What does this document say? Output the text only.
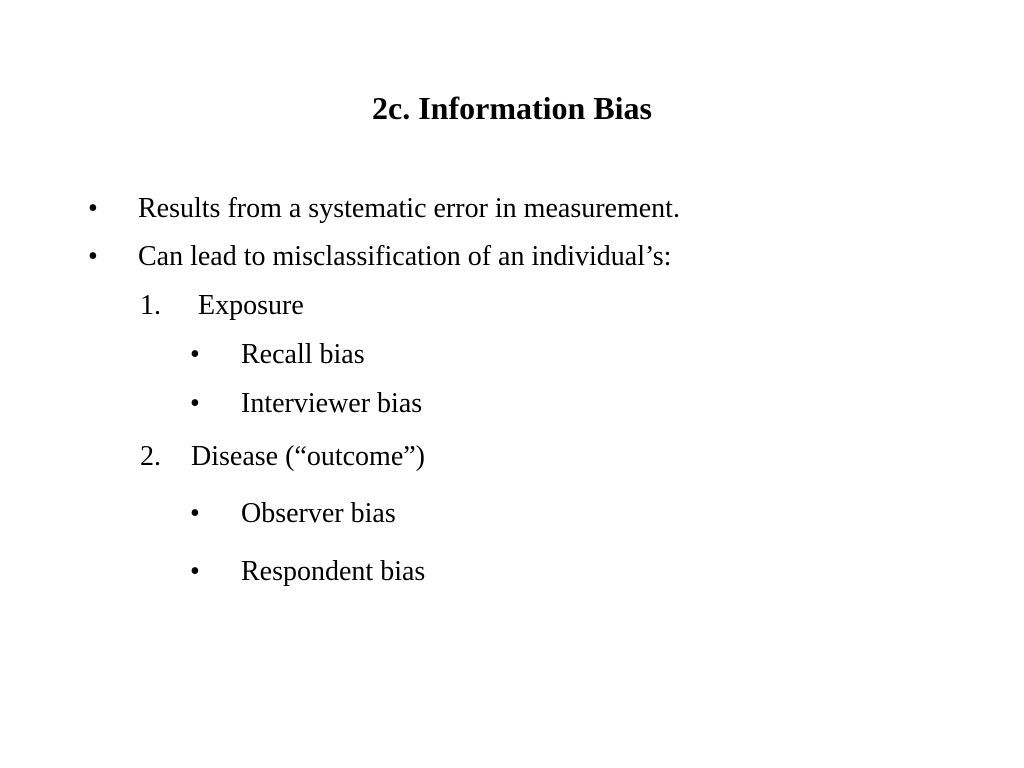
2c. Information Bias
• Results from a systematic error in measurement.
• Can lead to misclassification of an individual’s:
1. Exposure
• Recall bias
• Interviewer bias
2. Disease (“outcome”)
• Observer bias
• Respondent bias
